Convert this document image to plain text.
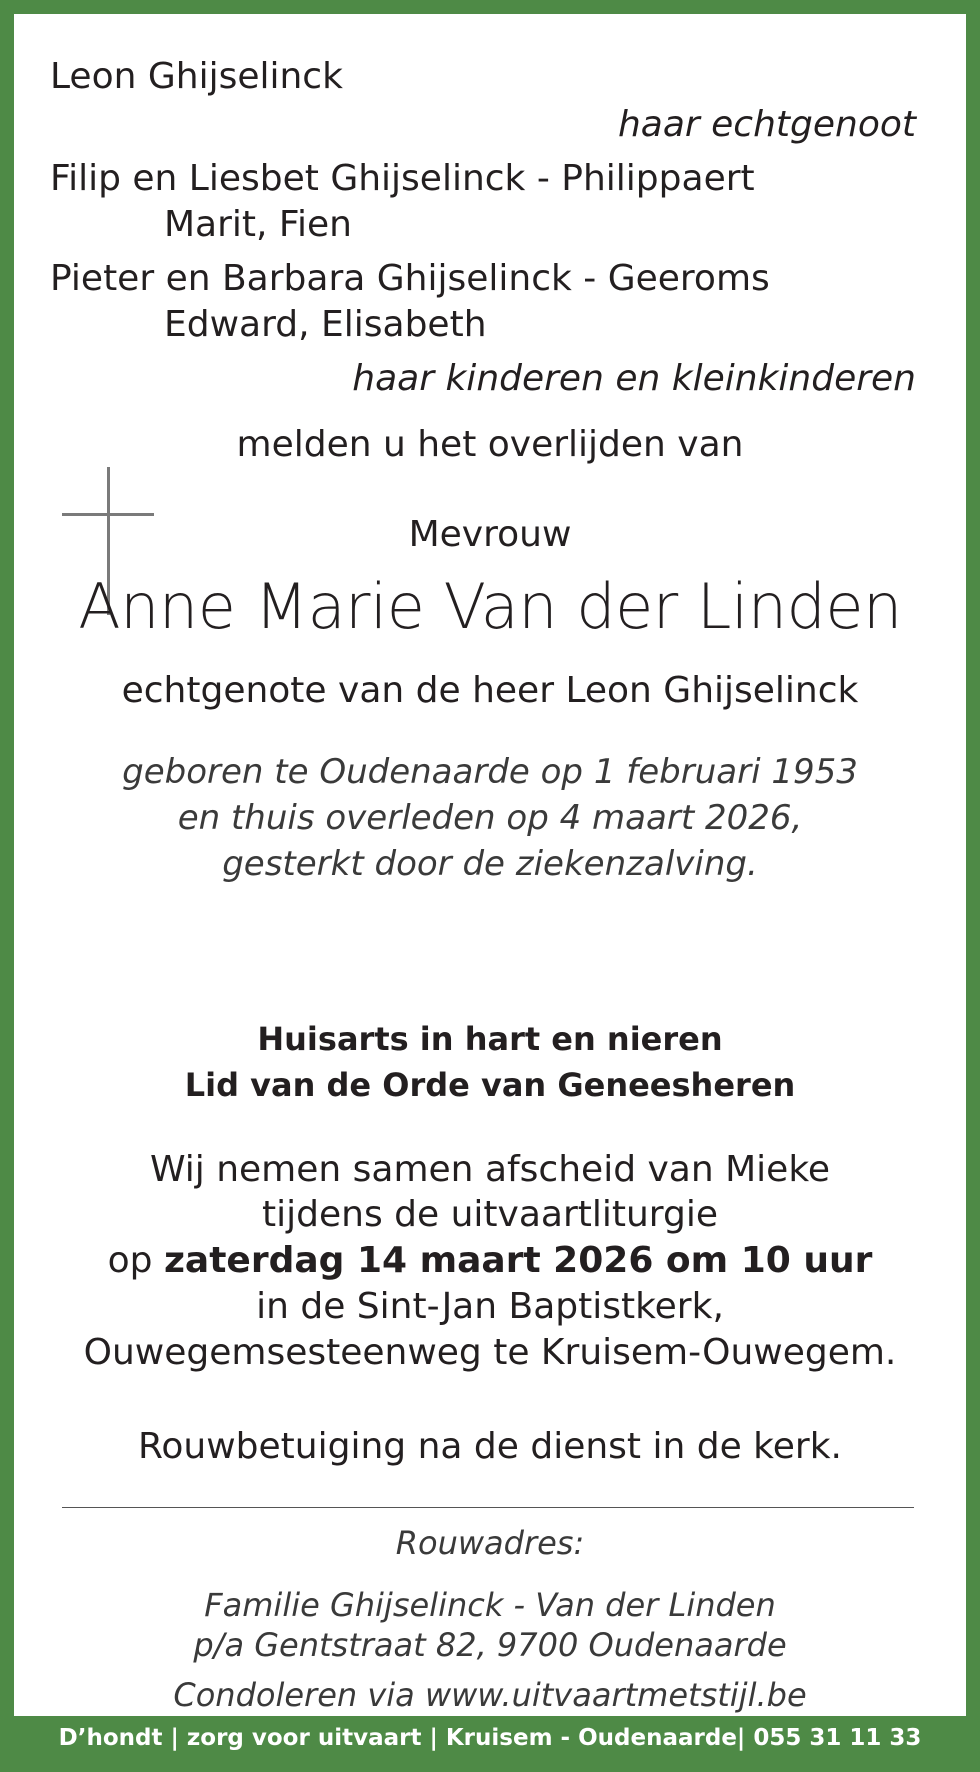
Leon Ghijselinck
haar echtgenoot
Filip en Liesbet Ghijselinck - Philippaert
Marit, Fien
Pieter en Barbara Ghijselinck - Geeroms
Edward, Elisabeth
haar kinderen en kleinkinderen
melden u het overlijden van
Mevrouw
Anne Marie Van der Linden
echtgenote van de heer Leon Ghijselinck
geboren te Oudenaarde op 1 februari 1953
en thuis overleden op 4 maart 2026,
gesterkt door de ziekenzalving.
Huisarts in hart en nieren
Lid van de Orde van Geneesheren
Wij nemen samen afscheid van Mieke
tijdens de uitvaartliturgie
op zaterdag 14 maart 2026 om 10 uur
in de Sint-Jan Baptistkerk,
Ouwegemsesteenweg te Kruisem-Ouwegem.
Rouwbetuiging na de dienst in de kerk.
Rouwadres:
Familie Ghijselinck - Van der Linden
p/a Gentstraat 82, 9700 Oudenaarde
Condoleren via www.uitvaartmetstijl.be
D’hondt | zorg voor uitvaart | Kruisem - Oudenaarde| 055 31 11 33
